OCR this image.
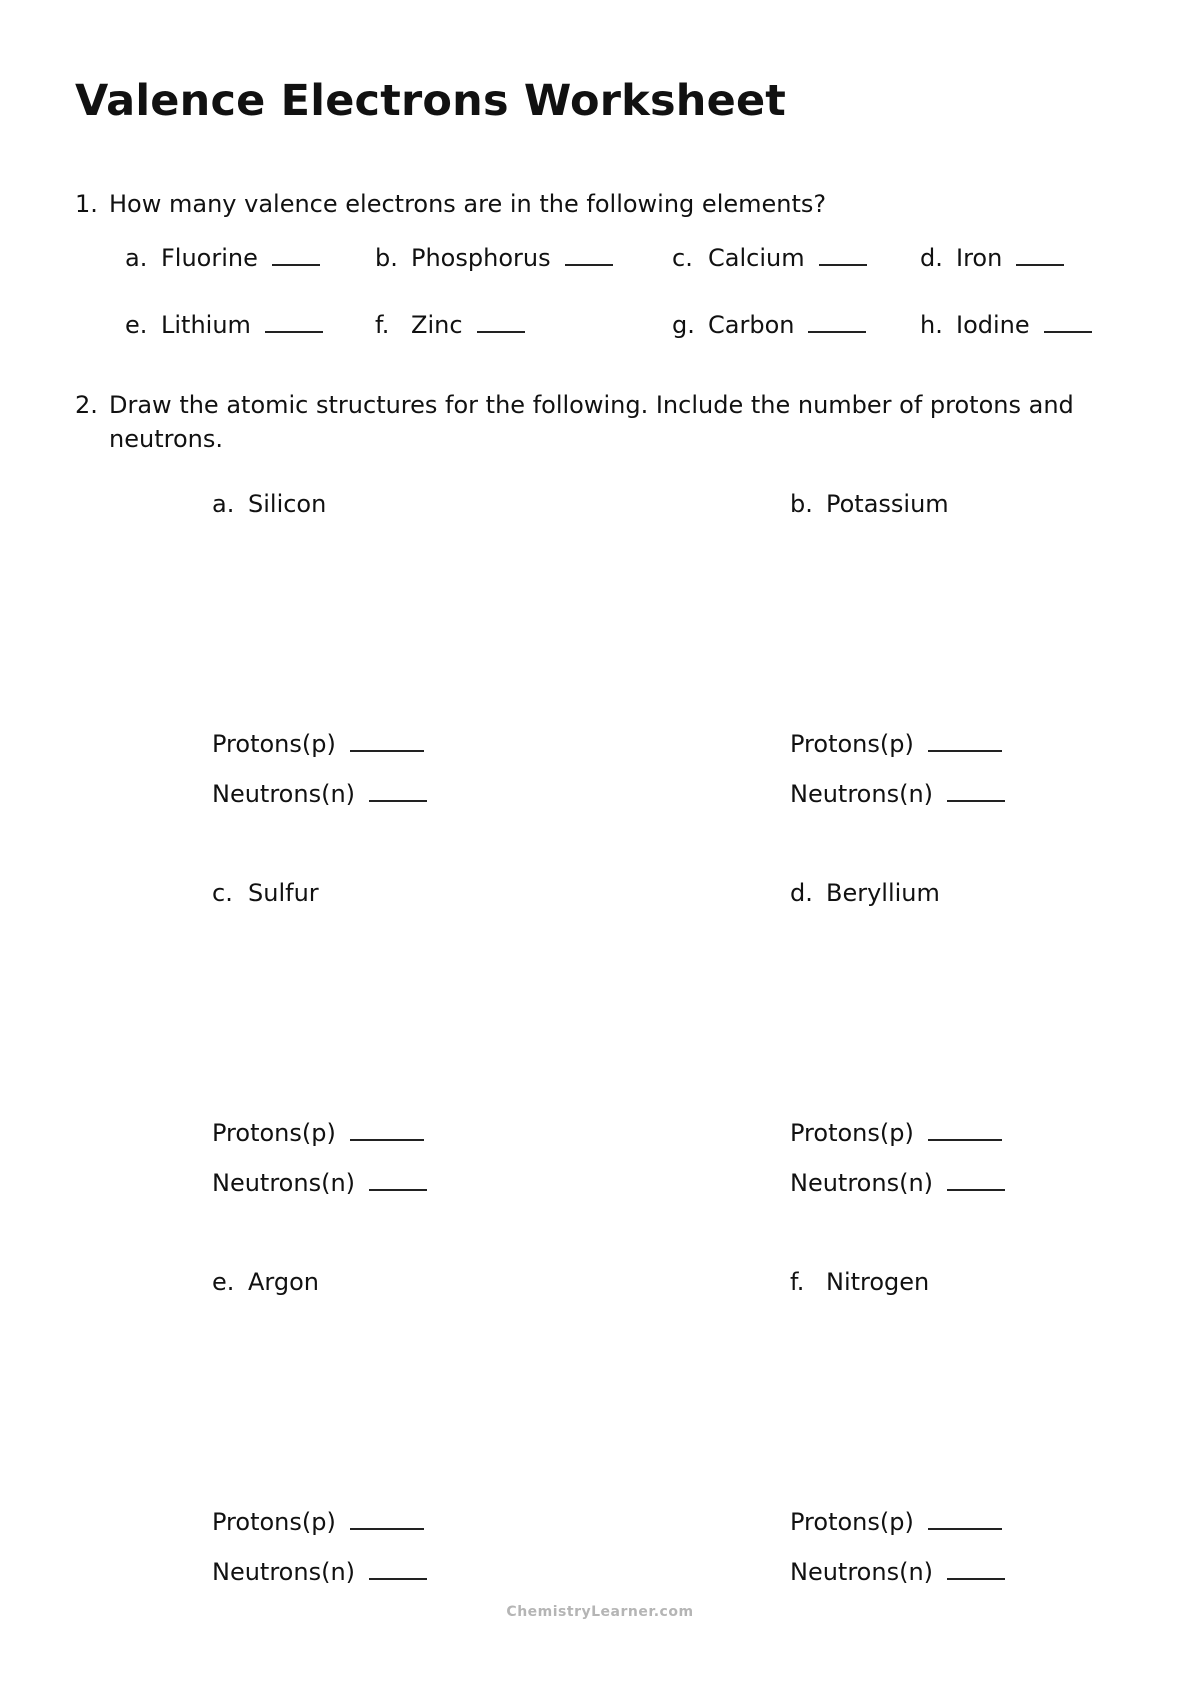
Valence Electrons Worksheet
1. How many valence electrons are in the following elements?
a. Fluorine	b. Phosphorus	c. Calcium	d. Iron
e. Lithium	f. Zinc	g. Carbon	h. Iodine
2. Draw the atomic structures for the following. Include the number of protons and neutrons.
a. Silicon	b. Potassium
Protons(p)
Neutrons(n)
Protons(p)
Neutrons(n)
c. Sulfur	d. Beryllium
Protons(p)
Neutrons(n)
Protons(p)
Neutrons(n)
e. Argon	f. Nitrogen
Protons(p)
Neutrons(n)
Protons(p)
Neutrons(n)
ChemistryLearner.com
